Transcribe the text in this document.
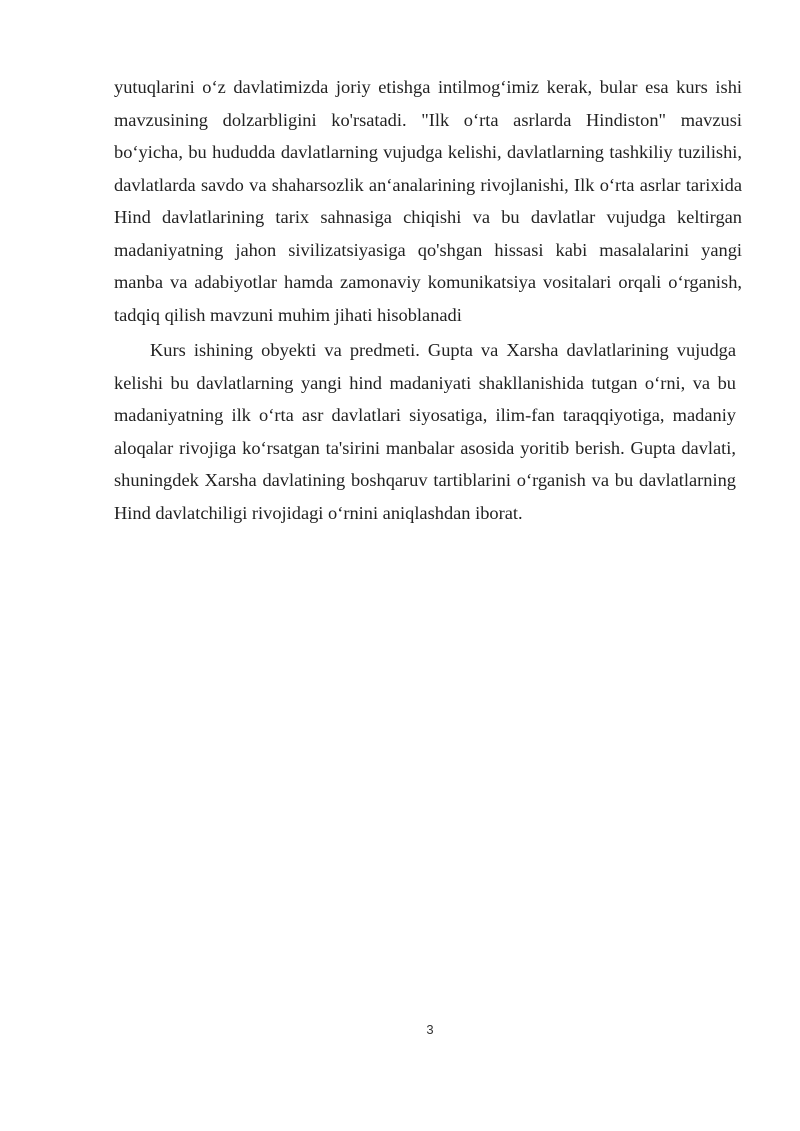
yutuqlarini o‘z davlatimizda joriy etishga intilmog‘imiz kerak, bular esa kurs ishi mavzusining dolzarbligini ko'rsatadi. "Ilk o‘rta asrlarda Hindiston" mavzusi bo‘yicha, bu hududda davlatlarning vujudga kelishi, davlatlarning tashkiliy tuzilishi, davlatlarda savdo va shaharsozlik an‘analarining rivojlanishi, Ilk o‘rta asrlar tarixida Hind davlatlarining tarix sahnasiga chiqishi va bu davlatlar vujudga keltirgan madaniyatning jahon sivilizatsiyasiga qo'shgan hissasi kabi masalalarini yangi manba va adabiyotlar hamda zamonaviy komunikatsiya vositalari orqali o‘rganish, tadqiq qilish mavzuni muhim jihati hisoblanadi

Kurs ishining obyekti va predmeti. Gupta va Xarsha davlatlarining vujudga kelishi bu davlatlarning yangi hind madaniyati shakllanishida tutgan o‘rni, va bu madaniyatning ilk o‘rta asr davlatlari siyosatiga, ilim-fan taraqqiyotiga, madaniy aloqalar rivojiga ko‘rsatgan ta'sirini manbalar asosida yoritib berish. Gupta davlati, shuningdek Xarsha davlatining boshqaruv tartiblarini o‘rganish va bu davlatlarning Hind davlatchiligi rivojidagi o‘rnini aniqlashdan iborat.

3
